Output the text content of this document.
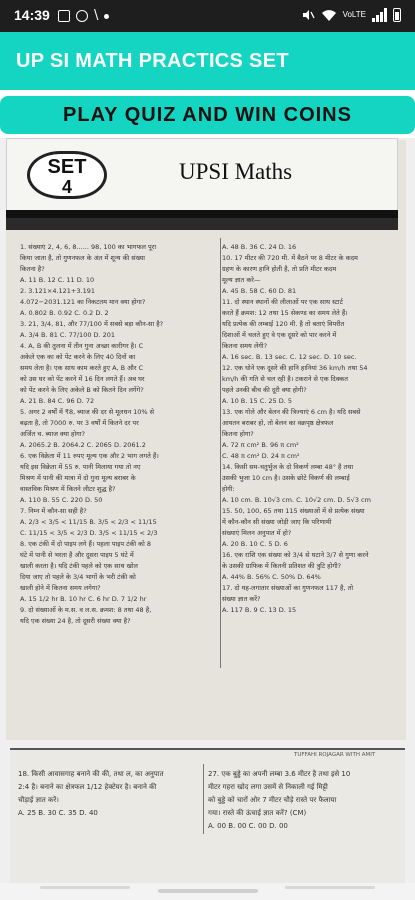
14:39	\	VoLTE
UP SI MATH PRACTICS SET
PLAY QUIZ AND WIN COINS
SET
4
UPSI Maths
1. संख्याएं 2, 4, 6, 8...... 98, 100 का भागफल पूरा
किया जाता है, तो गुणनफल के अंत में शून्य की संख्या
कितना है?
A. 11 B. 12 C. 11 D. 10
2. 3.121×4.121+3.191
4.072−2031.121 का निकटतम मान क्या होगा?
A. 0.802 B. 0.92 C. 0.2 D. 2
3. 21, 3/4, 81, और 77/100 में सबसे बड़ा कौन-सा है?
A. 3/4 B. 81 C. 77/100 D. 201
4. A, B की तुलना में तीन गुना अच्छा कारीगर है। C
अकेले एक का को पेंट करने के लिए 40 दिनों का
समय लेता है। एक साथ काम करते हुए A, B और C
को उस घर को पेंट करने में 16 दिन लगते हैं। अब घर
को पेंट करने के लिए अकेले B को कितने दिन लगेंगे?
A. 21 B. 84 C. 96 D. 72
5. अगर 2 वर्षों में ₹8, ब्याज की दर से मूलधन 10% से
बढ़ता है, तो 7000 रु. पर 3 वर्षों में कितने दर पर
अर्जित च. ब्याज क्या होगा?
A. 2065.2 B. 2064.2 C. 2065 D. 2061.2
6. एक विक्रेता में 11 रुपए मूल्य एक और 2 भाग लगते हैं।
यदि इस विक्रेता में 55 रु. पानी मिलाया गया तो नए
मिश्रण में पानी की मात्रा में दो गुना मूल्य बराबर के
वास्तविक मिश्रण में कितने लीटर शुद्ध है?
A. 110 B. 55 C. 220 D. 50
7. निम्न में कौन-सा सही है?
A. 2/3 < 3/5 < 11/15 B. 3/5 < 2/3 < 11/15
C. 11/15 < 3/5 < 2/3 D. 3/5 < 11/15 < 2/3
8. एक टंकी में दो पाइप लगे हैं। पहला पाइप टंकी को 8
घंटे में पानी से भरता है और दूसरा पाइप 5 घंटे में
खाली करता है। यदि टंकी पहले को एक साथ खोल
दिया जाए तो पहले के 3/4 भागों के भरी टंकी को
खाली होने में कितना समय लगेगा?
A. 15 1/2 hr B. 10 hr C. 6 hr D. 7 1/2 hr
9. दो संख्याओं के म.स. व ल.स. क्रमश: 8 तथा 48 है,
यदि एक संख्या 24 है, तो दूसरी संख्या क्या है?
A. 48 B. 36 C. 24 D. 16
10. 17 मीटर की 720 मी. में बैठने पर 8 मीटर के कदम
ग्रहण के कारण हानि होती है, तो प्रति मीटर कदम
मूल्य ज्ञात करे—
A. 45 B. 58 C. 60 D. 81
11. दो स्थान स्थानों की लीलाओं पर एक साथ स्टार्ट
करते हैं क्रमश: 12 तथा 15 सेकण्ड का समय लेते हैं।
यदि प्रत्येक की लम्बाई 120 मी. है तो बताएं विपरीत
दिशाओं में चलते हुए वे एक दूसरे को पार करने में
कितना समय लेंगी?
A. 16 sec. B. 13 sec. C. 12 sec. D. 10 sec.
12. एक धोने एक दूसरे की हानि हानियां 36 km/h तथा 54
km/h की गति से चल रही है। टकराने से एक दिक्कत
पहले उनकी बीच की दूरी क्या होगी?
A. 10 B. 15 C. 25 D. 5
13. एक गोले और बेलन की त्रिज्याएं 6 cm है। यदि सबसे
आयतन बराबर हो, तो बेलन का वक्रपृष्ठ क्षेत्रफल
कितना होगा?
A. 72 π cm² B. 96 π cm²
C. 48 π cm² D. 24 π cm²
14. किसी सम-चतुर्भुज के दो विकर्ण लम्बा 48° है तथा
उसकी भुजा 10 cm है। उसके छोटे विकर्ण की लम्बाई
होगी:
A. 10 cm. B. 10√3 cm. C. 10√2 cm. D. 5√3 cm
15. 50, 100, 65 तथा 115 संख्याओं में से प्रत्येक संख्या
में कौन-कौन सी संख्या जोड़ी जाए कि परिणामी
संख्याएं मिलन अनुपात में हो?
A. 20 B. 10 C. 5 D. 6
16. एक राशि एक संख्या को 3/4 से घटाने 3/7 से गुणा करने
के उसकी ग्राफिक में कितनी प्रतिशत की त्रुटि होगी?
A. 44% B. 56% C. 50% D. 64%
17. दो यह-लगातार संख्याओं का गुणनफल 117 है, तो
संख्या ज्ञात करें?
A. 117 B. 9 C. 13 D. 15
TUFFAHI ROJAGAR WITH AMIT
18. किसी आवासगाह बनाने की की, तथा ल, का अनुपात
2:4 है। बनाने का क्षेत्रफल 1/12 हेक्टेयर है। बनाने की
चौड़ाई ज्ञात करें।
A. 25 B. 30 C. 35 D. 40
27. एक बुड्डे का अपनी लम्बा 3.6 मीटर है तथा इसे 10
मीटर गहरा खोद लगा उसमें से निकाली गई मिट्टी
को बुड्डे को चारों ओर 7 मीटर चौड़े रास्ते पर फैलाया
गया। रास्ते की ऊंचाई ज्ञात करें? (CM)
A. 00 B. 00 C. 00 D. 00
